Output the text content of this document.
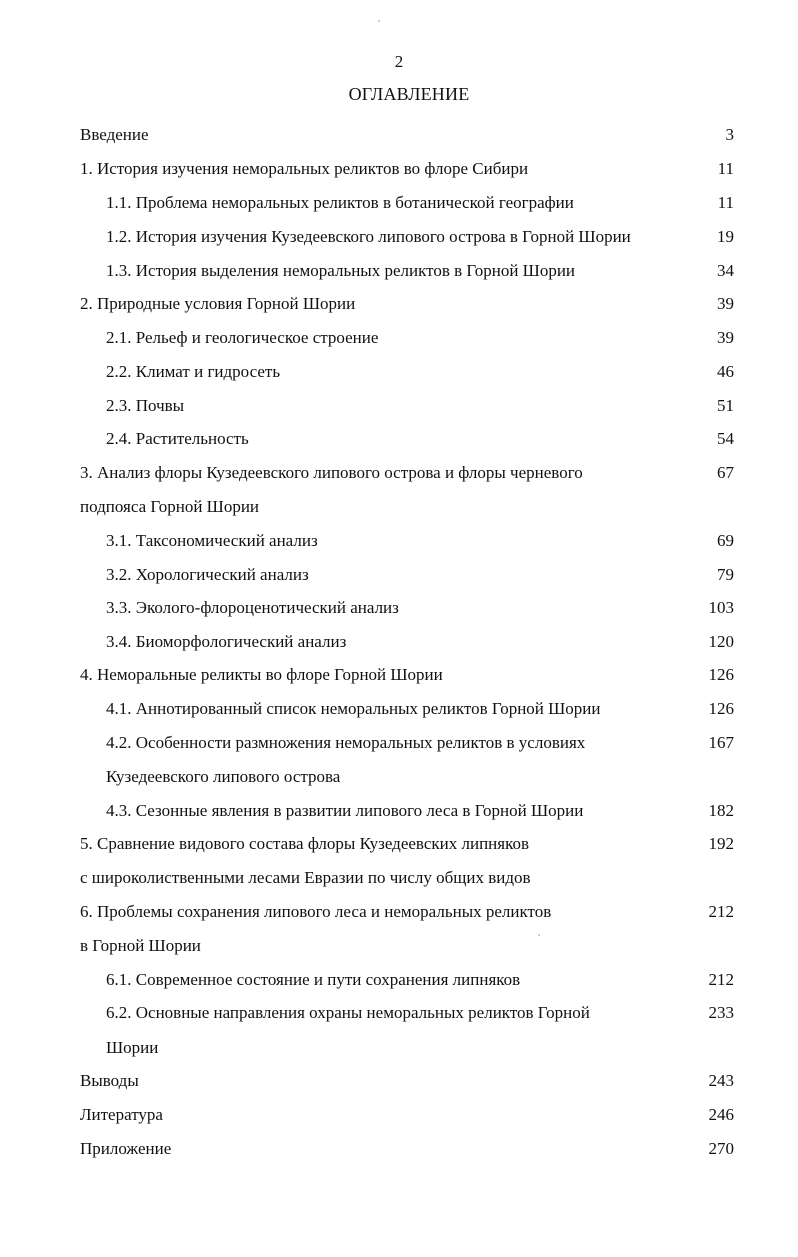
2
ОГЛАВЛЕНИЕ
Введение	3
1. История изучения неморальных реликтов во флоре Сибири	11
1.1. Проблема неморальных реликтов в ботанической географии	11
1.2. История изучения Кузедеевского липового острова в Горной Шории	19
1.3. История выделения неморальных реликтов в Горной Шории	34
2. Природные условия Горной Шории	39
2.1. Рельеф и геологическое строение	39
2.2. Климат и гидросеть	46
2.3. Почвы	51
2.4. Растительность	54
3. Анализ флоры Кузедеевского липового острова и флоры черневого	67
подпояса Горной Шории
3.1. Таксономический анализ	69
3.2. Хорологический анализ	79
3.3. Эколого-флороценотический анализ	103
3.4. Биоморфологический анализ	120
4. Неморальные реликты во флоре Горной Шории	126
4.1. Аннотированный список неморальных реликтов Горной Шории	126
4.2. Особенности размножения неморальных реликтов в условиях	167
Кузедеевского липового острова
4.3. Сезонные явления в развитии липового леса в Горной Шории	182
5. Сравнение видового состава флоры Кузедеевских липняков	192
с широколиственными лесами Евразии по числу общих видов
6. Проблемы сохранения липового леса и неморальных реликтов	212
в Горной Шории
6.1. Современное состояние и пути сохранения липняков	212
6.2. Основные направления охраны неморальных реликтов Горной	233
Шории
Выводы	243
Литература	246
Приложение	270
